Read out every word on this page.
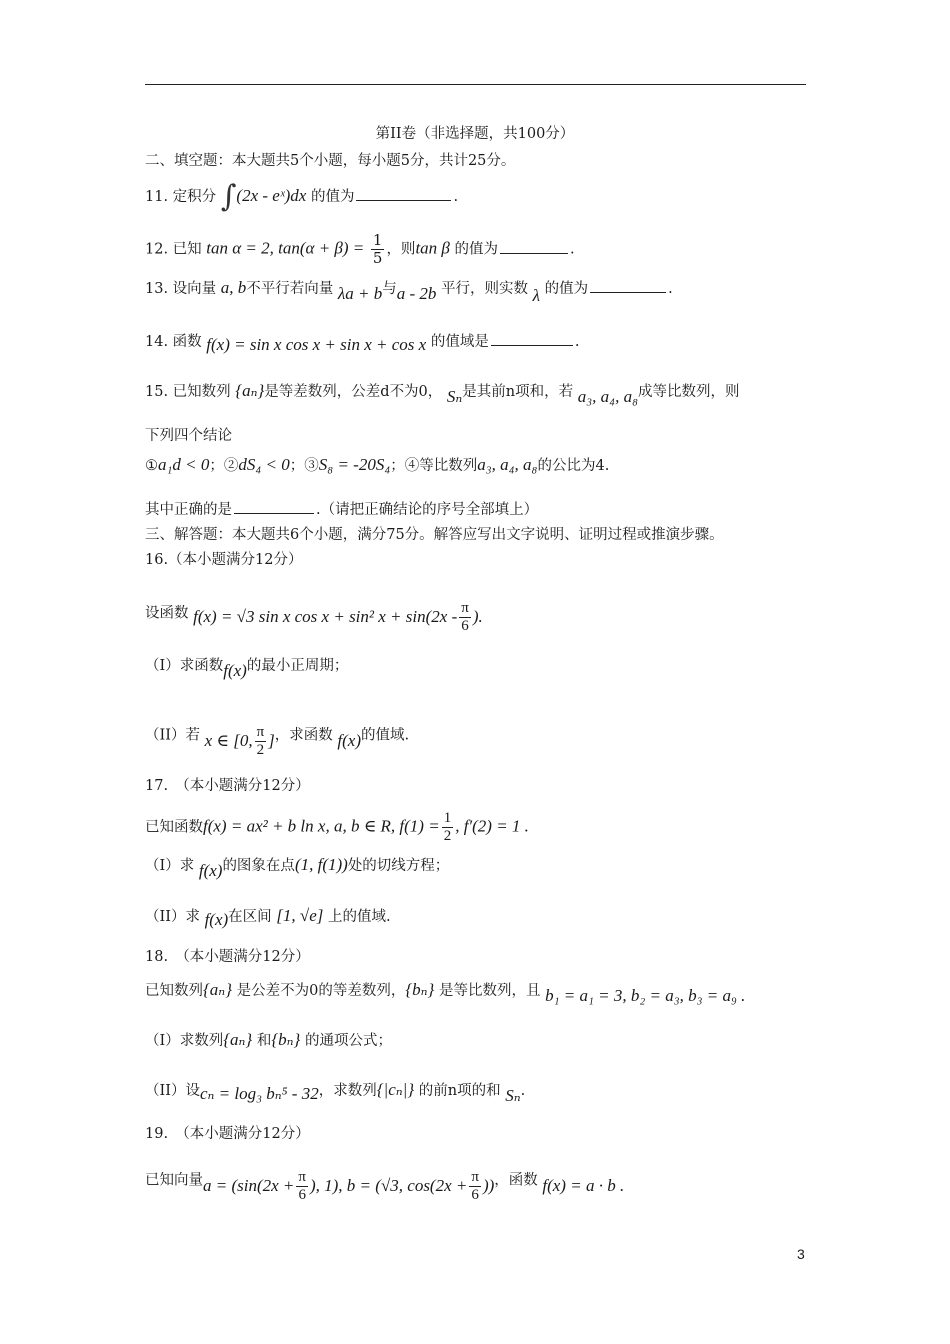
第II卷（非选择题，共100分）
二、填空题：本大题共5个小题，每小题5分，共计25分。
11. 定积分 ∫(2x - eˣ)dx 的值为	.
12. 已知 tan α = 2, $\tan(\alpha + \beta) = \frac{1}{5}$ ，则tan β 的值为	.
13. 设向量 a, b不平行若向量 λa + b与a - 2b 平行，则实数 λ 的值为	.
14. 函数 f(x) = sin x cos x + sin x + cos x 的值域是	.
15. 已知数列 {aₙ}是等差数列，公差d不为0， Sₙ是其前n项和，若 a₃, a₄, a₈成等比数列，则
下列四个结论
①a₁d < 0；②dS₄ < 0；③S₈ = -20S₄；④等比数列a₃, a₄, a₈的公比为4.
其中正确的是	.（请把正确结论的序号全部填上）
三、解答题：本大题共6个小题，满分75分。解答应写出文字说明、证明过程或推演步骤。
16.（本小题满分12分）
设函数 f(x) = √3 sin x cos x + sin² $x + \sin(2x - \frac{\pi}{6}$ ).
（I）求函数f(x)的最小正周期；
（II）若 x ∈ [0, $\frac{\pi}{2}$ ]，求函数 f(x)的值域.
17.　（本小题满分12分）
已知函数f(x) = ax² + b ln x, a, b ∈ R, $f(1) = \frac{1}{2}$ , f′(2) = 1 .
（I）求 f(x)的图象在点(1, f(1))处的切线方程；
（II）求 f(x)在区间 [1, √e] 上的值域.
18.　（本小题满分12分）
已知数列{aₙ} 是公差不为0的等差数列，{bₙ} 是等比数列，且 b₁ = a₁ = 3, b₂ = a₃, b₃ = a₉ .
（I）求数列{aₙ} 和{bₙ} 的通项公式；
（II）设cₙ = log₃ bₙ⁵ - 32，求数列{|cₙ|} 的前n项的和 Sₙ.
19.　（本小题满分12分）
已知向量$a = (\sin(2x + \frac{\pi}{6}$ ), 1), b = (√3, $\cos(2x + \frac{\pi}{6}$ ))，函数 f(x) = a · b .
3
